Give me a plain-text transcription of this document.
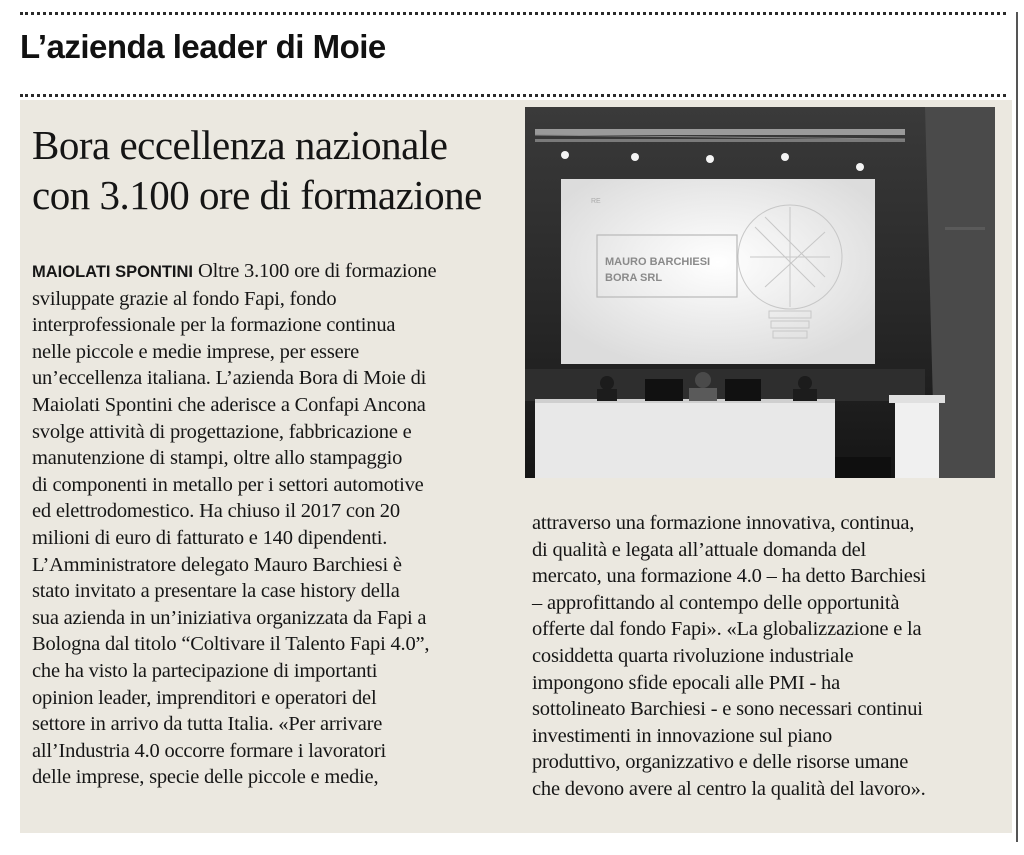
L’azienda leader di Moie
Bora eccellenza nazionale
con 3.100 ore di formazione
MAURO BARCHIESI
BORA SRL
RE
MAIOLATI SPONTINI Oltre 3.100 ore di formazione
sviluppate grazie al fondo Fapi, fondo
interprofessionale per la formazione continua
nelle piccole e medie imprese, per essere
un’eccellenza italiana. L’azienda Bora di Moie di
Maiolati Spontini che aderisce a Confapi Ancona
svolge attività di progettazione, fabbricazione e
manutenzione di stampi, oltre allo stampaggio
di componenti in metallo per i settori automotive
ed elettrodomestico. Ha chiuso il 2017 con 20
milioni di euro di fatturato e 140 dipendenti.
L’Amministratore delegato Mauro Barchiesi è
stato invitato a presentare la case history della
sua azienda in un’iniziativa organizzata da Fapi a
Bologna dal titolo “Coltivare il Talento Fapi 4.0”,
che ha visto la partecipazione di importanti
opinion leader, imprenditori e operatori del
settore in arrivo da tutta Italia. «Per arrivare
all’Industria 4.0 occorre formare i lavoratori
delle imprese, specie delle piccole e medie,
attraverso una formazione innovativa, continua,
di qualità e legata all’attuale domanda del
mercato, una formazione 4.0 – ha detto Barchiesi
– approfittando al contempo delle opportunità
offerte dal fondo Fapi». «La globalizzazione e la
cosiddetta quarta rivoluzione industriale
impongono sfide epocali alle PMI - ha
sottolineato Barchiesi - e sono necessari continui
investimenti in innovazione sul piano
produttivo, organizzativo e delle risorse umane
che devono avere al centro la qualità del lavoro».
